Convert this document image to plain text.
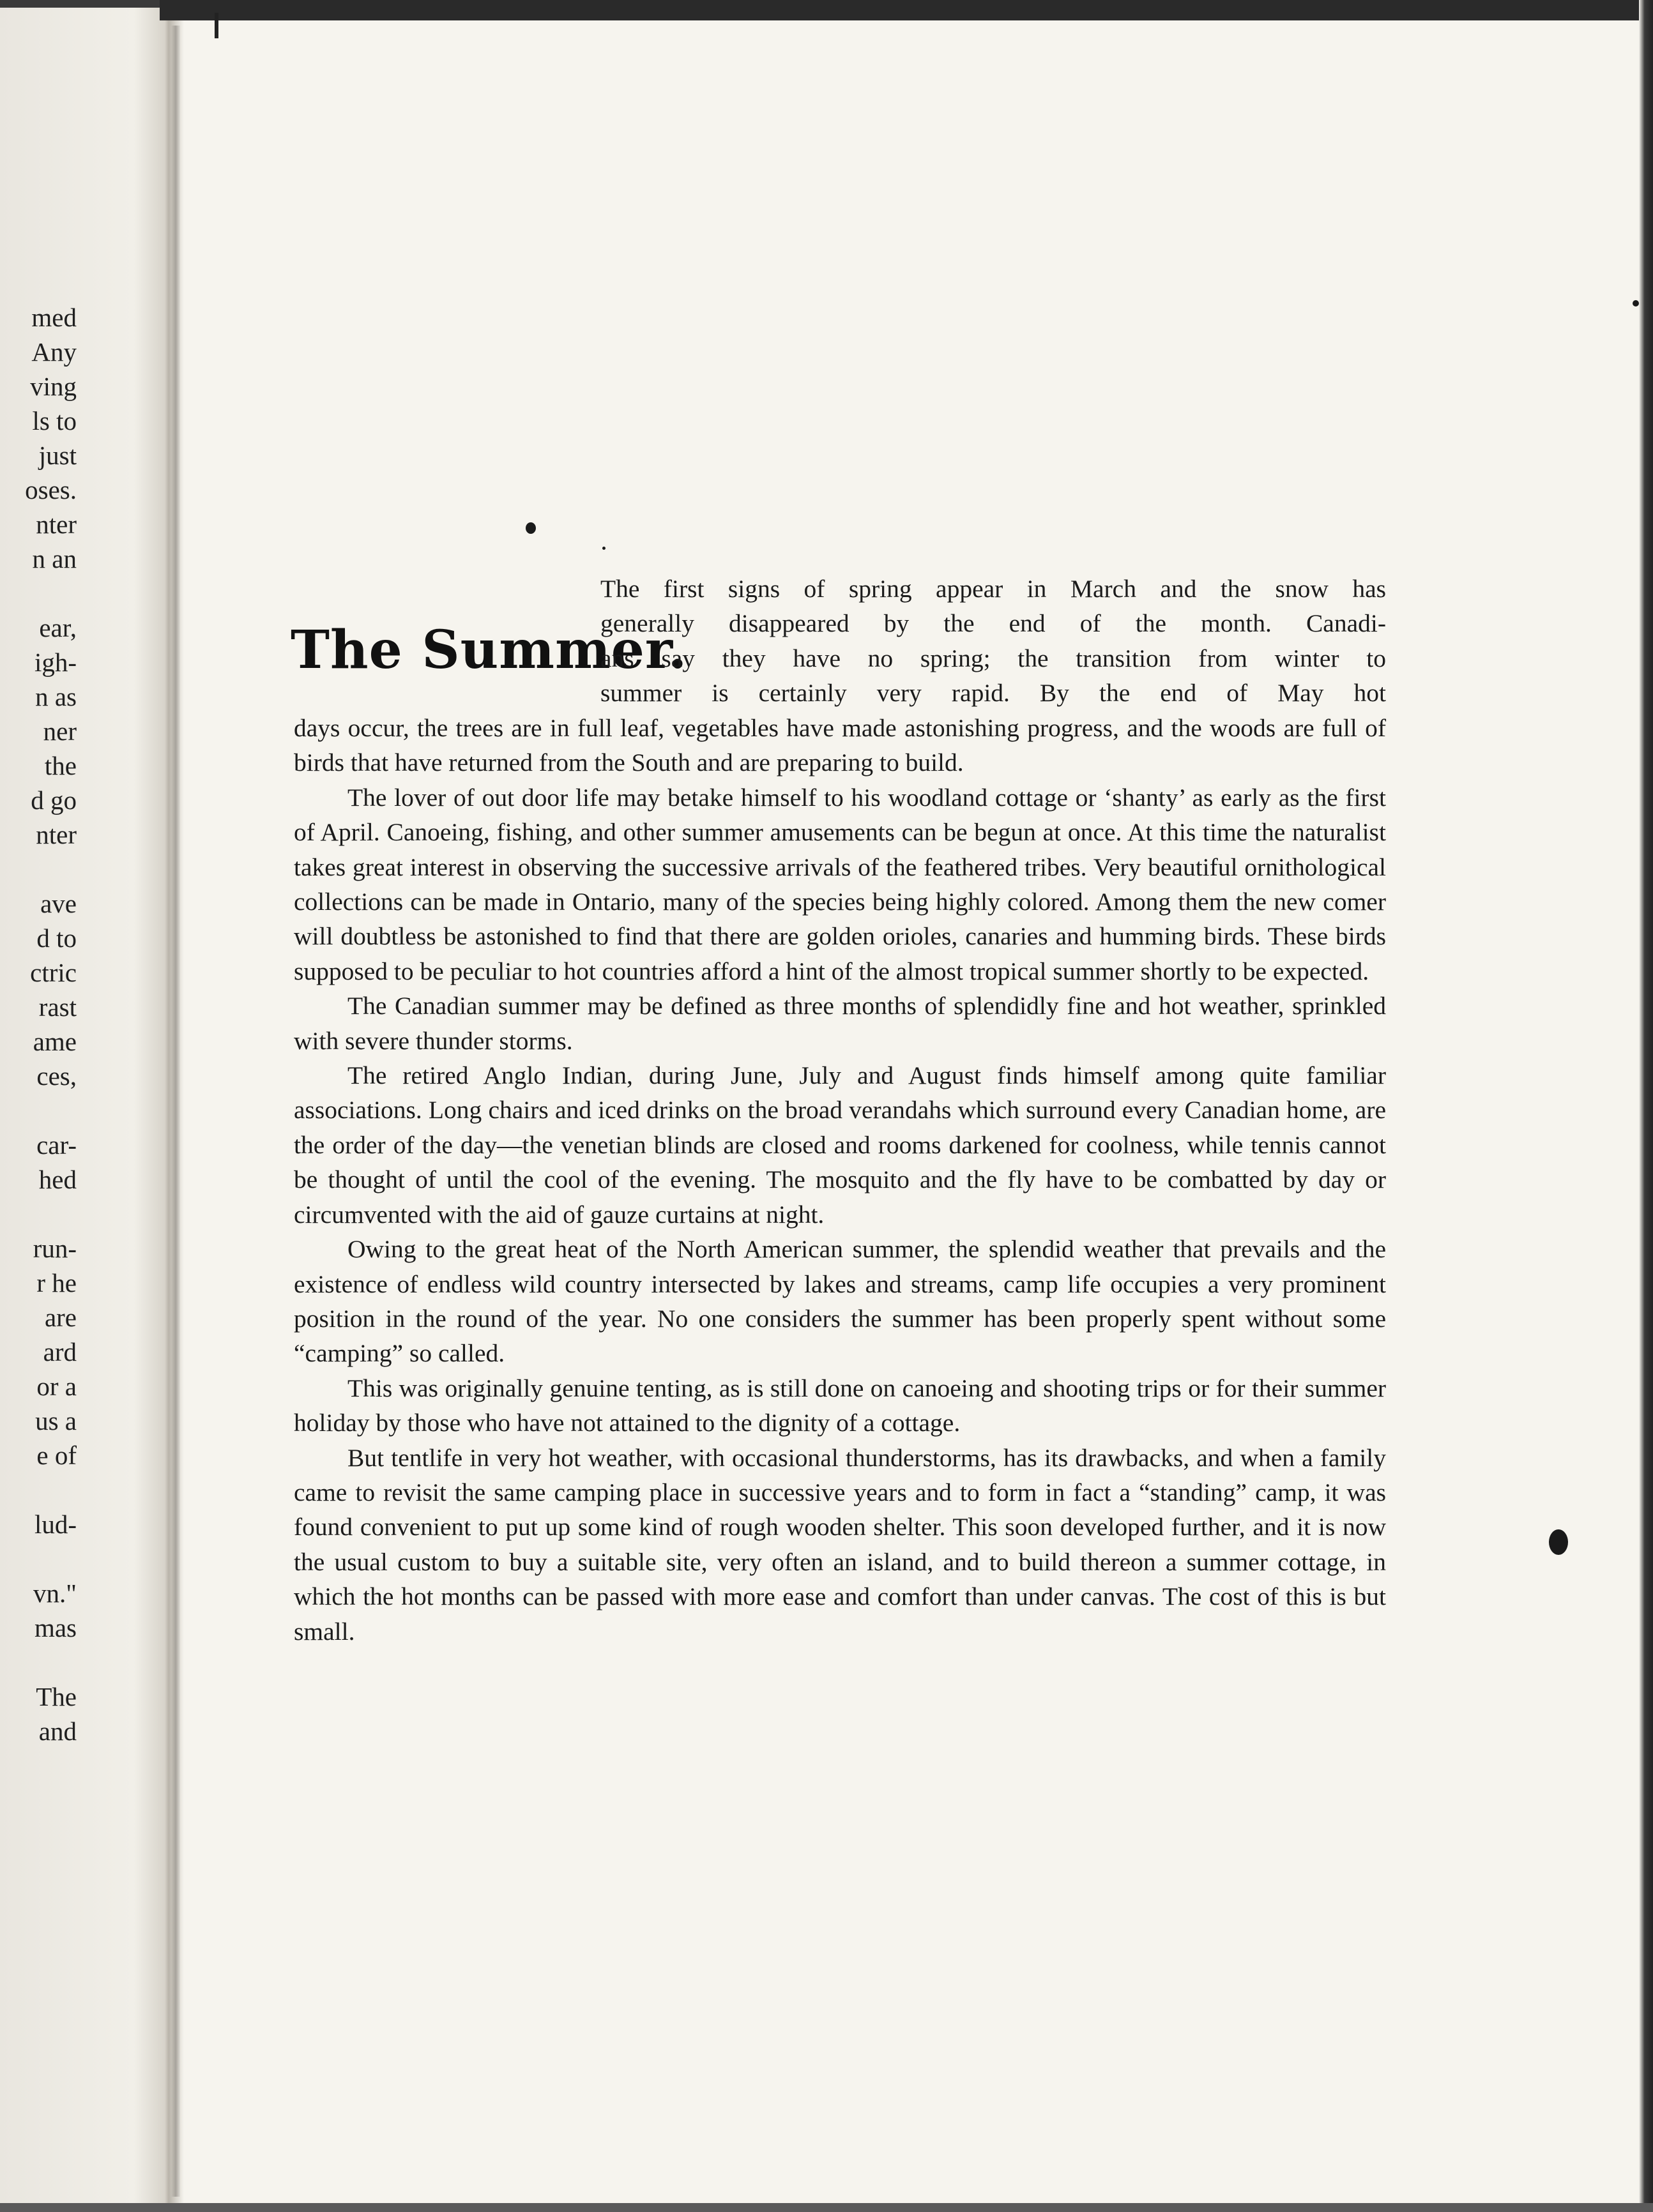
med
Any
ving
ls to
just
oses.
nter
n an
ear,
igh-
n as
ner
the
d go
nter
ave
d to
ctric
rast
ame
ces,
car-
hed
run-
r he
are
ard
or a
us a
e of
lud-
vn."
mas
The
and
The Summer.
The first signs of spring appear in March and the snow has
generally disappeared by the end of the month. Canadi-
ans say they have no spring; the transition from winter to
summer is certainly very rapid. By the end of May hot

days occur, the trees are in full leaf, vegetables have made astonishing progress, and the woods are full of birds that have returned from the South and are preparing to build.

The lover of out door life may betake himself to his woodland cottage or ‘shanty’ as early as the first of April. Canoeing, fishing, and other summer amusements can be begun at once. At this time the naturalist takes great interest in observing the successive arrivals of the feathered tribes. Very beautiful ornithological collections can be made in Ontario, many of the species being highly colored. Among them the new comer will doubtless be astonished to find that there are golden orioles, canaries and humming birds. These birds supposed to be peculiar to hot countries afford a hint of the almost tropical summer shortly to be expected.

The Canadian summer may be defined as three months of splendidly fine and hot weather, sprinkled with severe thunder storms.

The retired Anglo Indian, during June, July and August finds himself among quite familiar associations. Long chairs and iced drinks on the broad verandahs which surround every Canadian home, are the order of the day—the venetian blinds are closed and rooms darkened for coolness, while tennis cannot be thought of until the cool of the evening. The mosquito and the fly have to be combatted by day or circumvented with the aid of gauze curtains at night.

Owing to the great heat of the North American summer, the splendid weather that prevails and the existence of endless wild country intersected by lakes and streams, camp life occupies a very prominent position in the round of the year. No one considers the summer has been properly spent without some “camping” so called.

This was originally genuine tenting, as is still done on canoeing and shooting trips or for their summer holiday by those who have not attained to the dignity of a cottage.

But tentlife in very hot weather, with occasional thunderstorms, has its drawbacks, and when a family came to revisit the same camping place in successive years and to form in fact a “standing” camp, it was found convenient to put up some kind of rough wooden shelter. This soon developed further, and it is now the usual custom to buy a suitable site, very often an island, and to build thereon a summer cottage, in which the hot months can be passed with more ease and comfort than under canvas. The cost of this is but small.
